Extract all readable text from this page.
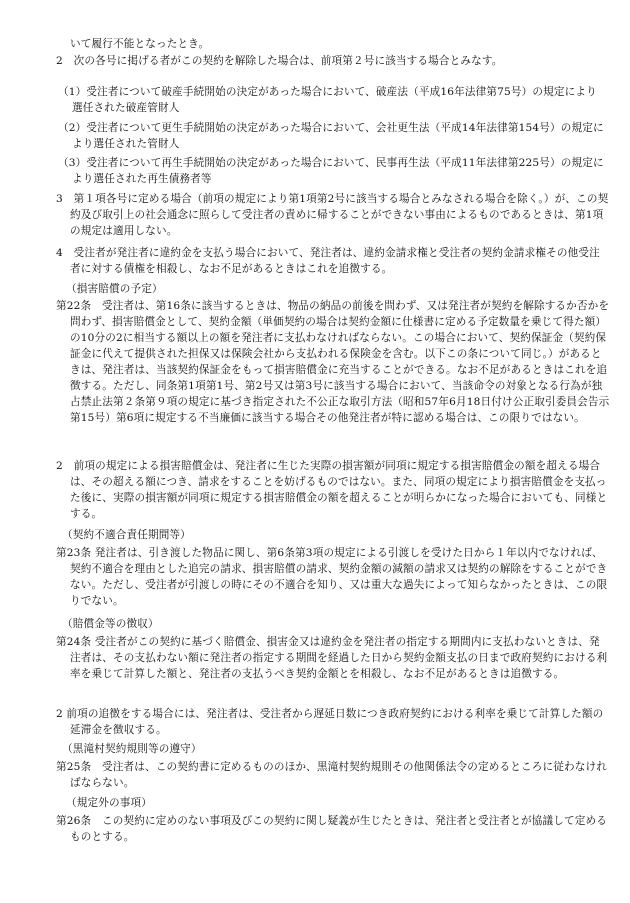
いて履行不能となったとき。

2　次の各号に掲げる者がこの契約を解除した場合は、前項第２号に該当する場合とみなす。

（1）受注者について破産手続開始の決定があった場合において、破産法（平成16年法律第75号）の規定により選任された破産管財人

（2）受注者について更生手続開始の決定があった場合において、会社更生法（平成14年法律第154号）の規定により選任された管財人

（3）受注者について再生手続開始の決定があった場合において、民事再生法（平成11年法律第225号）の規定により選任された再生債務者等

3　第１項各号に定める場合（前項の規定により第1項第2号に該当する場合とみなされる場合を除く。）が、この契約及び取引上の社会通念に照らして受注者の責めに帰することができない事由によるものであるときは、第1項の規定は適用しない。

4　受注者が発注者に違約金を支払う場合において、発注者は、違約金請求権と受注者の契約金請求権その他受注者に対する債権を相殺し、なお不足があるときはこれを追徴する。

（損害賠償の予定）

第22条　受注者は、第16条に該当するときは、物品の納品の前後を問わず、又は発注者が契約を解除するか否かを問わず、損害賠償金として、契約金額（単価契約の場合は契約金額に仕様書に定める予定数量を乗じて得た額）の10分の2に相当する額以上の額を発注者に支払わなければならない。この場合において、契約保証金（契約保証金に代えて提供された担保又は保険会社から支払われる保険金を含む。以下この条について同じ。）があるときは、発注者は、当該契約保証金をもって損害賠償金に充当することができる。なお不足があるときはこれを追徴する。ただし、同条第1項第1号、第2号又は第3号に該当する場合において、当該命令の対象となる行為が独占禁止法第２条第９項の規定に基づき指定された不公正な取引方法（昭和57年6月18日付け公正取引委員会告示第15号）第6項に規定する不当廉価に該当する場合その他発注者が特に認める場合は、この限りではない。

2　前項の規定による損害賠償金は、発注者に生じた実際の損害額が同項に規定する損害賠償金の額を超える場合は、その超える額につき、請求をすることを妨げるものではない。また、同項の規定により損害賠償金を支払った後に、実際の損害額が同項に規定する損害賠償金の額を超えることが明らかになった場合においても、同様とする。

（契約不適合責任期間等）

第23条 発注者は、引き渡した物品に関し、第6条第3項の規定による引渡しを受けた日から１年以内でなければ、契約不適合を理由とした追完の請求、損害賠償の請求、契約金額の減額の請求又は契約の解除をすることができない。ただし、受注者が引渡しの時にその不適合を知り、又は重大な過失によって知らなかったときは、この限りでない。

（賠償金等の徴収）

第24条 受注者がこの契約に基づく賠償金、損害金又は違約金を発注者の指定する期間内に支払わないときは、発注者は、その支払わない額に発注者の指定する期間を経過した日から契約金額支払の日まで政府契約における利率を乗じて計算した額と、発注者の支払うべき契約金額とを相殺し、なお不足があるときは追徴する。

2 前項の追徴をする場合には、発注者は、受注者から遅延日数につき政府契約における利率を乗じて計算した額の延滞金を徴収する。

（黒滝村契約規則等の遵守）

第25条　受注者は、この契約書に定めるもののほか、黒滝村契約規則その他関係法令の定めるところに従わなければならない。

（規定外の事項）

第26条　この契約に定めのない事項及びこの契約に関し疑義が生じたときは、発注者と受注者とが協議して定めるものとする。
